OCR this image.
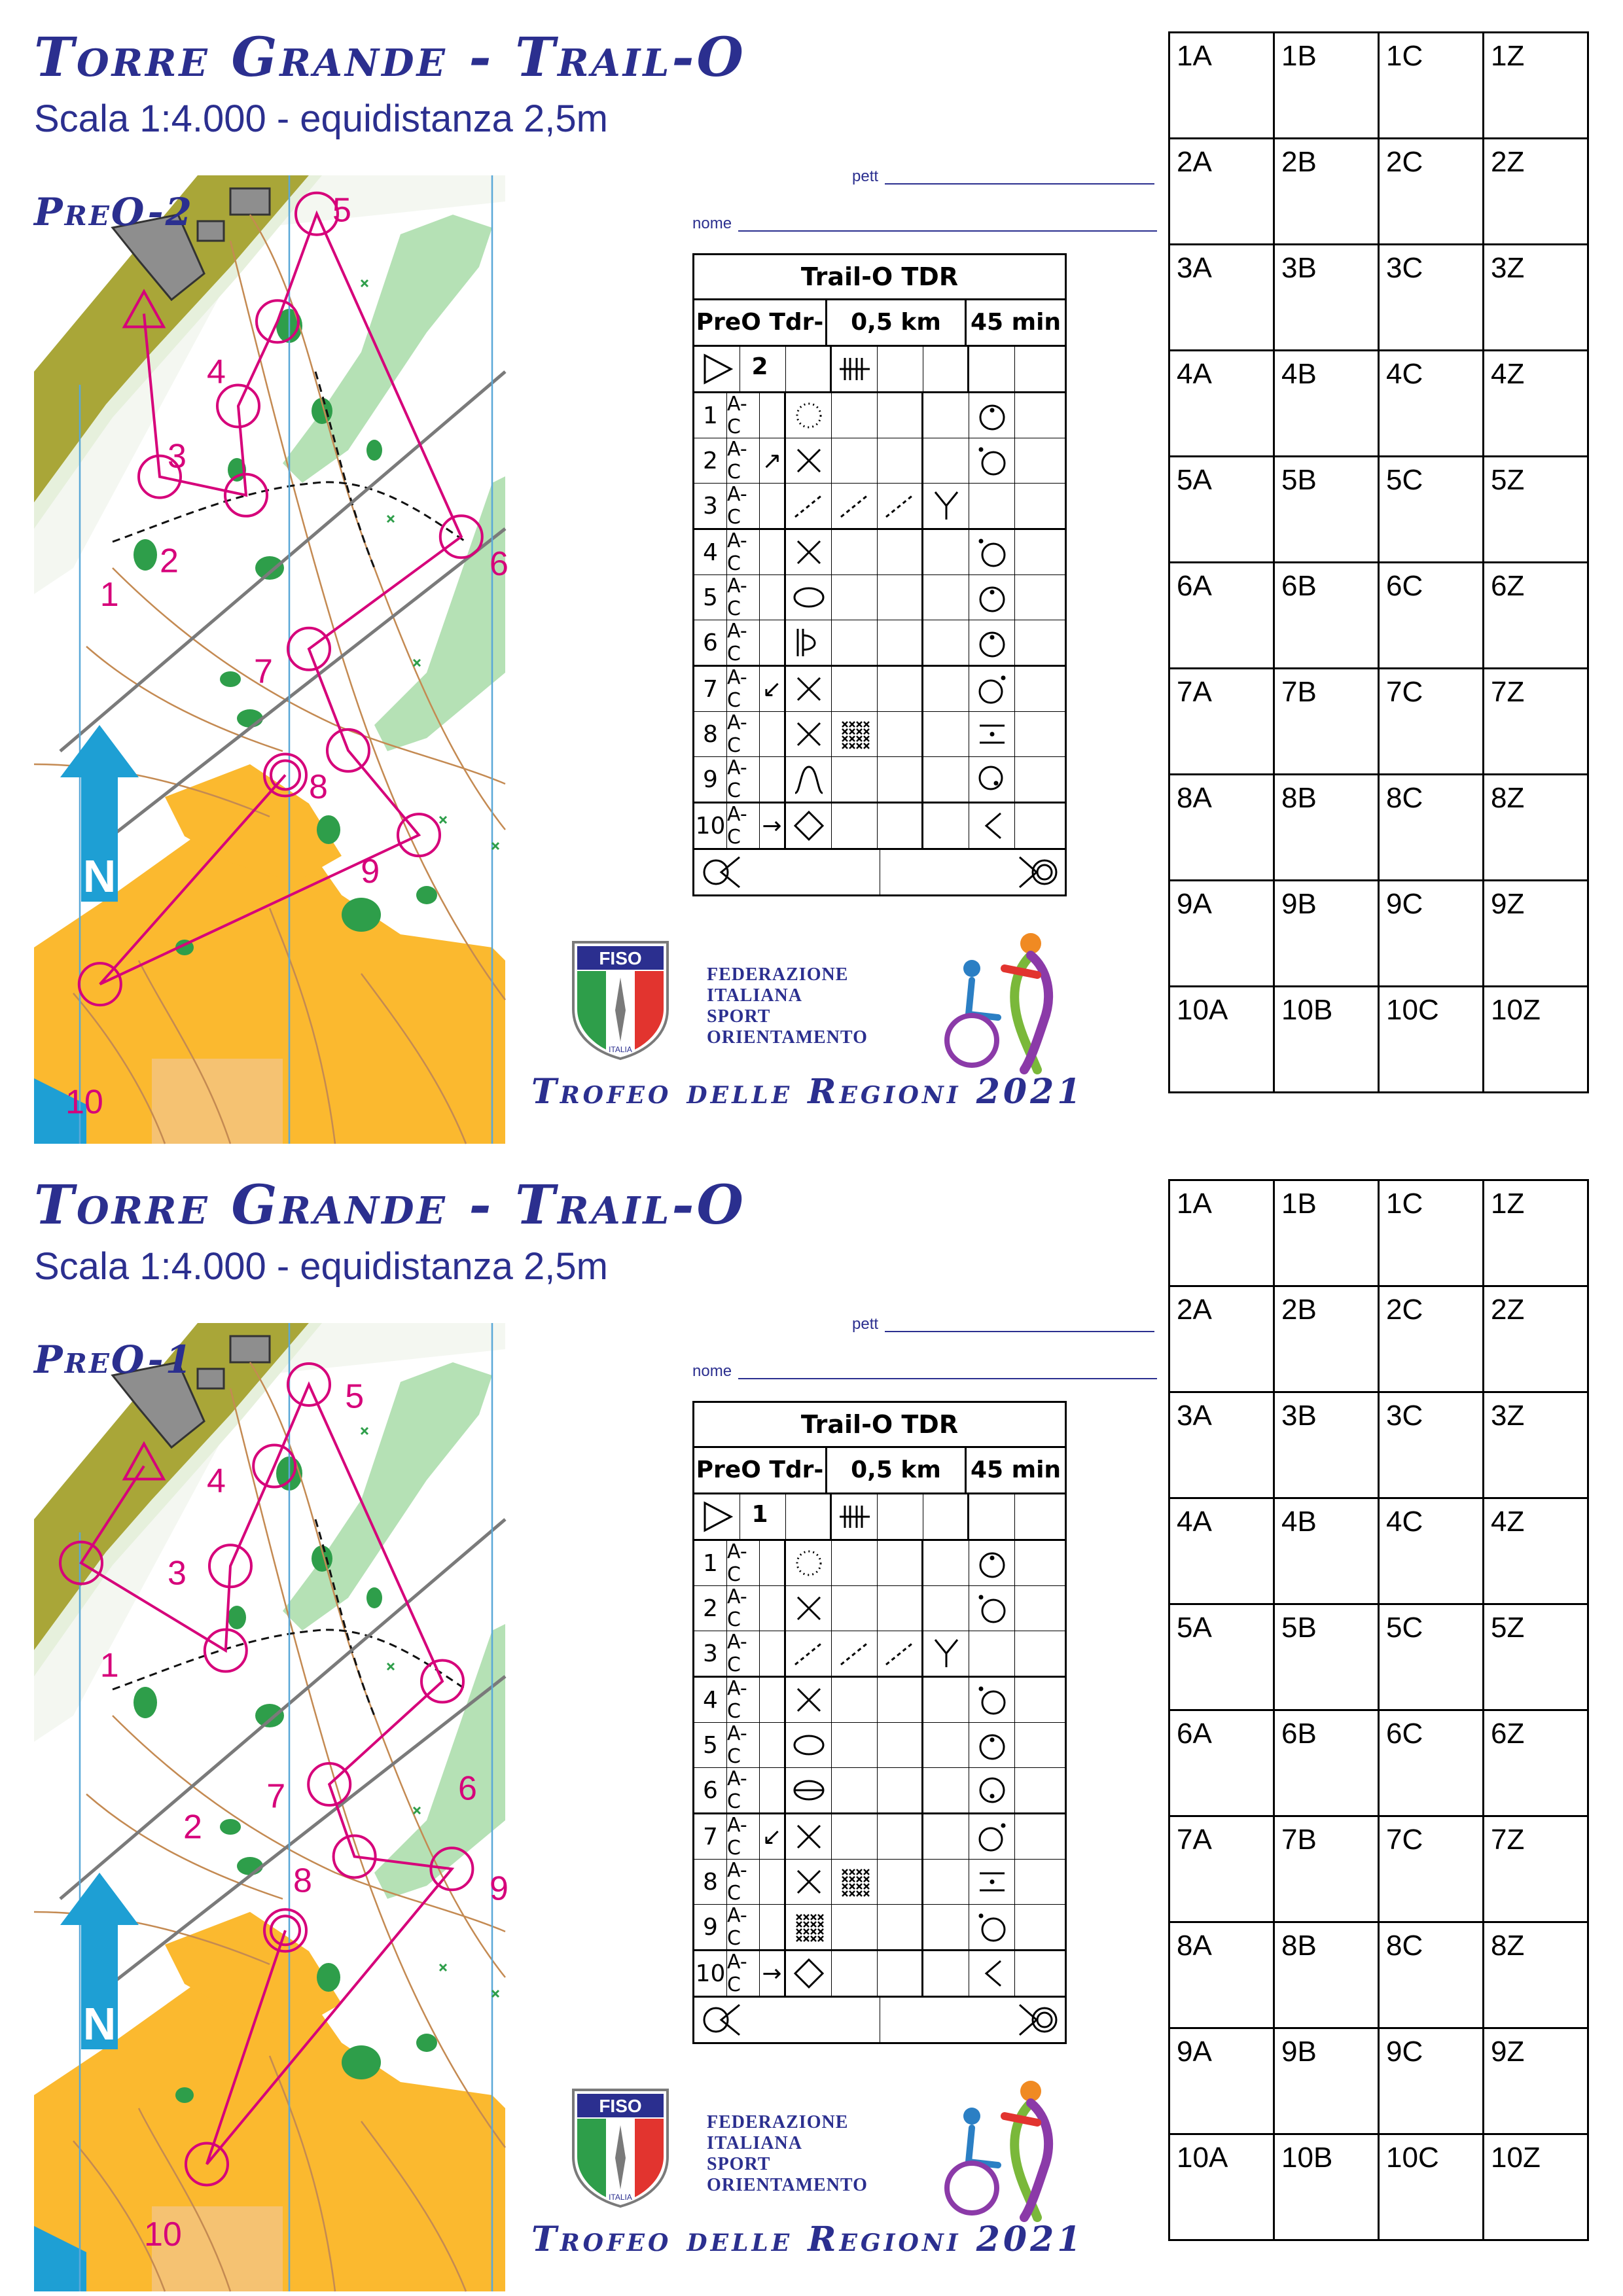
Torre Grande - Trail-O
Scala 1:4.000 - equidistanza 2,5m
1
2
3
4
5
6
7
8
9
10
N
PreO-2
pett
nome
Trail-O TDR
PreO Tdr-2
0,5 km	45 min
1 A-C
2 A-C ↗
3 A-C
4 A-C
5 A-C
6 A-C
7 A-C ↙
8 A-C
9 A-C
10 A-C →
FISO
ITALIA
FEDERAZIONE
ITALIANA
SPORT
ORIENTAMENTO
Trofeo delle Regioni 2021
1A	1B	1C	1Z
2A	2B	2C	2Z
3A	3B	3C	3Z
4A	4B	4C	4Z
5A	5B	5C	5Z
6A	6B	6C	6Z
7A	7B	7C	7Z
8A	8B	8C	8Z
9A	9B	9C	9Z
10A	10B	10C	10Z
Torre Grande - Trail-O
Scala 1:4.000 - equidistanza 2,5m
1
2
3
4
5
6
7
8	9
10
N
PreO-1
pett
nome
Trail-O TDR
PreO Tdr-1
0,5 km	45 min
1 A-C
2 A-C
3 A-C
4 A-C
5 A-C
6 A-C
7 A-C ↙
8 A-C
9 A-C
10 A-C →
FISO
ITALIA
FEDERAZIONE
ITALIANA
SPORT
ORIENTAMENTO
Trofeo delle Regioni 2021
1A	1B	1C	1Z
2A	2B	2C	2Z
3A	3B	3C	3Z
4A	4B	4C	4Z
5A	5B	5C	5Z
6A	6B	6C	6Z
7A	7B	7C	7Z
8A	8B	8C	8Z
9A	9B	9C	9Z
10A	10B	10C	10Z
